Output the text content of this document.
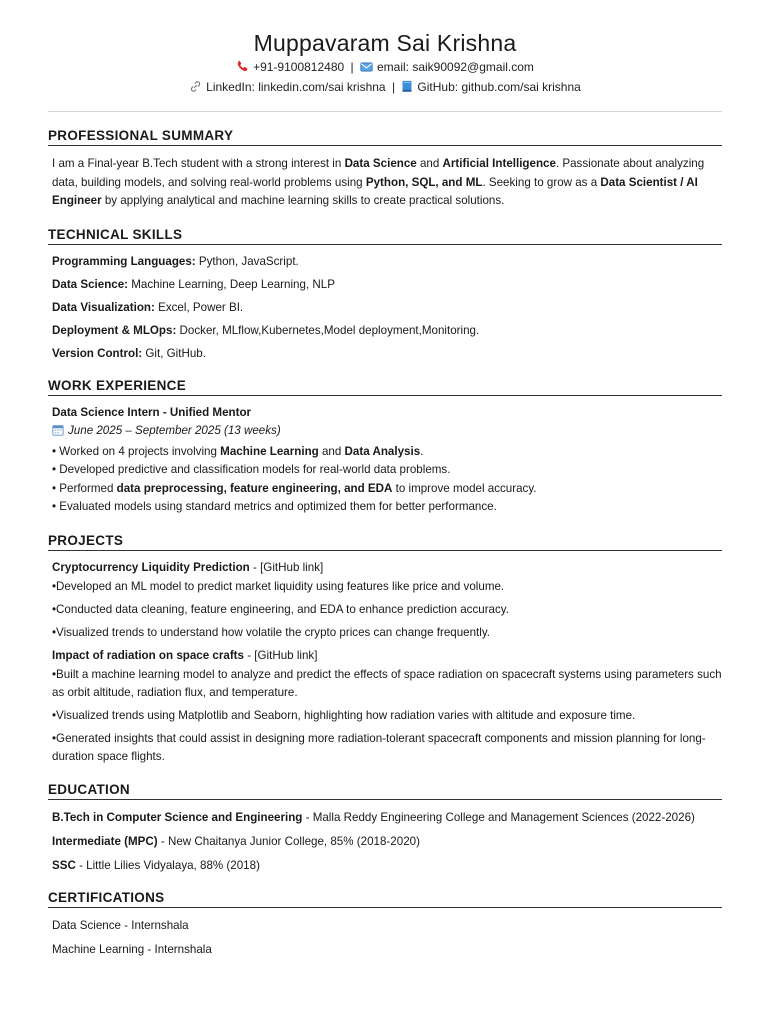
Muppavaram Sai Krishna
+91-9100812480 | email: saik90092@gmail.com
LinkedIn: linkedin.com/sai krishna | GitHub: github.com/sai krishna
PROFESSIONAL SUMMARY

I am a Final-year B.Tech student with a strong interest in Data Science and Artificial Intelligence. Passionate about analyzing data, building models, and solving real-world problems using Python, SQL, and ML. Seeking to grow as a Data Scientist / AI Engineer by applying analytical and machine learning skills to create practical solutions.

TECHNICAL SKILLS
Programming Languages: Python, JavaScript.
Data Science: Machine Learning, Deep Learning, NLP
Data Visualization: Excel, Power BI.
Deployment & MLOps: Docker, MLflow,Kubernetes,Model deployment,Monitoring.
Version Control: Git, GitHub.
WORK EXPERIENCE
Data Science Intern - Unified Mentor
June 2025 – September 2025 (13 weeks)
• Worked on 4 projects involving Machine Learning and Data Analysis.
• Developed predictive and classification models for real-world data problems.
• Performed data preprocessing, feature engineering, and EDA to improve model accuracy.
• Evaluated models using standard metrics and optimized them for better performance.
PROJECTS
Cryptocurrency Liquidity Prediction - [GitHub link]
•Developed an ML model to predict market liquidity using features like price and volume.
•Conducted data cleaning, feature engineering, and EDA to enhance prediction accuracy.
•Visualized trends to understand how volatile the crypto prices can change frequently.
Impact of radiation on space crafts - [GitHub link]
•Built a machine learning model to analyze and predict the effects of space radiation on spacecraft systems using parameters such as orbit altitude, radiation flux, and temperature.
•Visualized trends using Matplotlib and Seaborn, highlighting how radiation varies with altitude and exposure time.
•Generated insights that could assist in designing more radiation-tolerant spacecraft components and mission planning for long-duration space flights.
EDUCATION
B.Tech in Computer Science and Engineering - Malla Reddy Engineering College and Management Sciences (2022-2026)
Intermediate (MPC) - New Chaitanya Junior College, 85% (2018-2020)
SSC - Little Lilies Vidyalaya, 88% (2018)
CERTIFICATIONS
Data Science - Internshala
Machine Learning - Internshala
